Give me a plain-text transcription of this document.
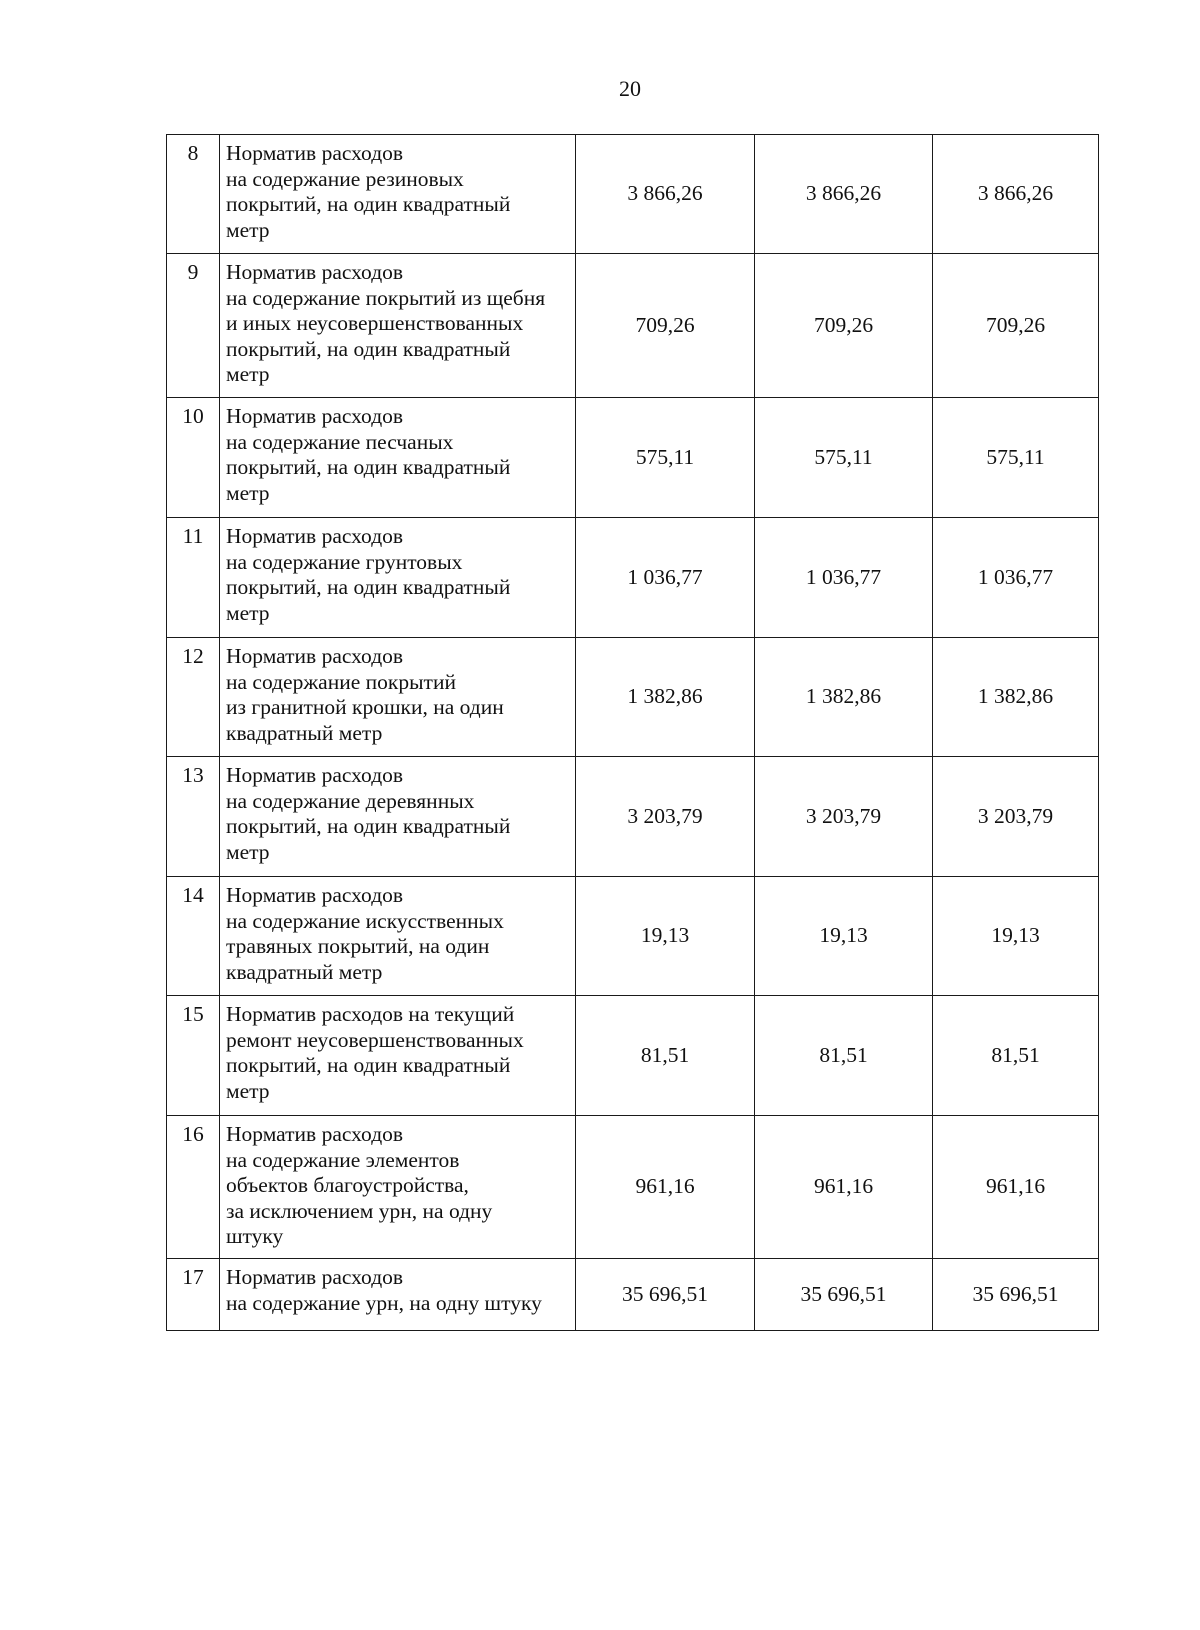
20
8	Норматив расходов
на содержание резиновых
покрытий, на один квадратный
метр	3 866,26	3 866,26	3 866,26
9	Норматив расходов
на содержание покрытий из щебня
и иных неусовершенствованных
покрытий, на один квадратный
метр	709,26	709,26	709,26
10	Норматив расходов
на содержание песчаных
покрытий, на один квадратный
метр	575,11	575,11	575,11
11	Норматив расходов
на содержание грунтовых
покрытий, на один квадратный
метр	1 036,77	1 036,77	1 036,77
12	Норматив расходов
на содержание покрытий
из гранитной крошки, на один
квадратный метр	1 382,86	1 382,86	1 382,86
13	Норматив расходов
на содержание деревянных
покрытий, на один квадратный
метр	3 203,79	3 203,79	3 203,79
14	Норматив расходов
на содержание искусственных
травяных покрытий, на один
квадратный метр	19,13	19,13	19,13
15	Норматив расходов на текущий
ремонт неусовершенствованных
покрытий, на один квадратный
метр	81,51	81,51	81,51
16	Норматив расходов
на содержание элементов
объектов благоустройства,
за исключением урн, на одну
штуку	961,16	961,16	961,16
17	Норматив расходов
на содержание урн, на одну штуку	35 696,51	35 696,51	35 696,51
